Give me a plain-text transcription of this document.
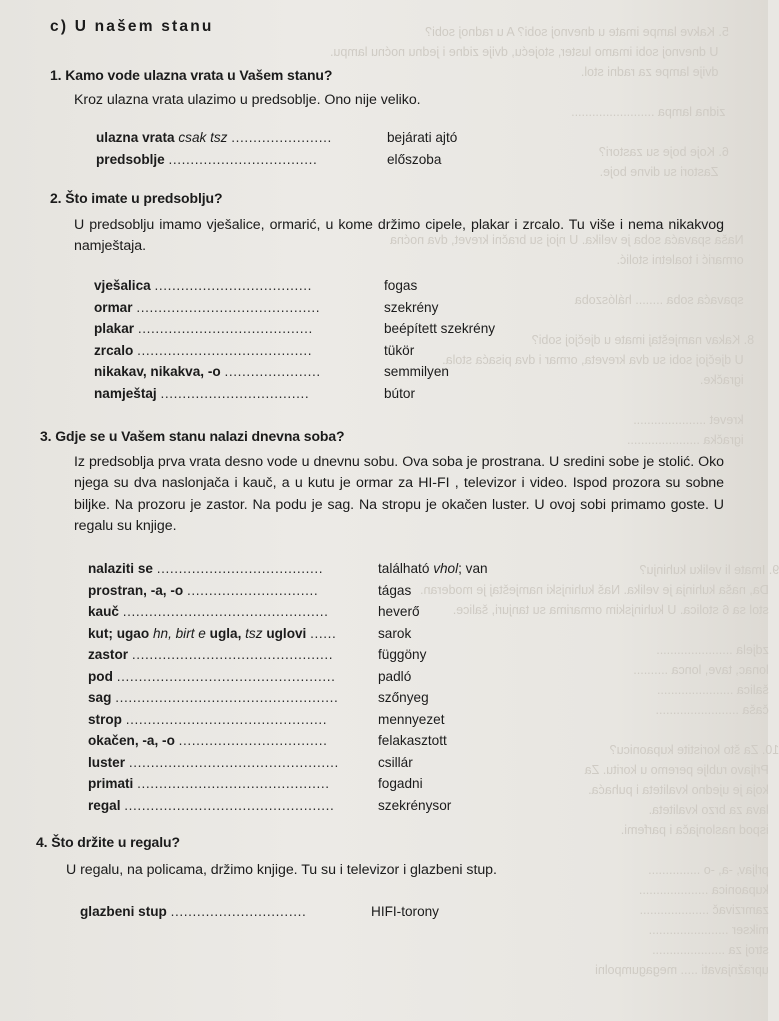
5. Kakve lampe imate u dnevnoj sobi? A u radnoj sobi?
U dnevnoj sobi imamo luster, stojeću, dvije zidne i jednu noćnu lampu.
dvije lampe za radni stol.

zidna lampa ........................

6. Koje boje su zastori?
Zastori su divne boje.
Naša spavaća soba je velika. U njoj su bračni krevet, dva noćna
ormarić i toaletni stolić.

spavaća soba ........ hálószoba

8. Kakav namještaj imate u dječjoj sobi?
U dječjoj sobi su dva kreveta, ormar i dva pisaća stola.
igračke.

krevet .....................
igračka .....................
9. Imate li veliku kuhinju?
Da, naša kuhinja je velika. Naš kuhinjski namještaj je moderan.
stol sa 6 stolica. U kuhinjskim ormarima su tanjuri, šalice.

zdjela ......................
lonac, tave, lonca ..........
šalica ......................
čaša ........................

10. Za što koristite kupaonicu?
Prljavo rublje peremo u koritu. Za
koja je ujedno kvaliteta i puhaća.
lava za brzo kvaliteta.
ispod naslonjača i parfemi.

prljav, -a, -o ...............
kupaonica ....................
zamrzivač ....................
mikser .......................
stroj za .....................
upražnjavati ..... megagumpolni
c) U našem stanu
1. Kamo vode ulazna vrata u Vašem stanu?
Kroz ulazna vrata ulazimo u predsoblje. Ono nije veliko.
ulazna vrata csak tsz .......................	bejárati ajtó
predsoblje ..................................	előszoba
2. Što imate u predsoblju?
U predsoblju imamo vješalice, ormarić, u kome držimo cipele, plakar i zrcalo. Tu više i nema nikakvog namještaja.
vješalica ....................................	fogas
ormar ..........................................	szekrény
plakar ........................................	beépített szekrény
zrcalo ........................................	tükör
nikakav, nikakva, -o ......................	semmilyen
namještaj ..................................	bútor
3. Gdje se u Vašem stanu nalazi dnevna soba?
Iz predsoblja prva vrata desno vode u dnevnu sobu. Ova soba je prostrana. U sredini sobe je stolić. Oko njega su dva naslonjača i kauč, a u kutu je ormar za HI-FI , televizor i video. Ispod prozora su sobne biljke. Na prozoru je zastor. Na podu je sag. Na stropu je okačen luster. U ovoj sobi primamo goste. U regalu su knjige.
nalaziti se ......................................	található vhol; van
prostran, -a, -o ..............................	tágas
kauč ...............................................	heverő
kut; ugao hn, birt e ugla, tsz uglovi ......	sarok
zastor ..............................................	függöny
pod ..................................................	padló
sag ...................................................	szőnyeg
strop ..............................................	mennyezet
okačen, -a, -o ..................................	felakasztott
luster ................................................	csillár
primati ............................................	fogadni
regal ................................................	szekrénysor
4. Što držite u regalu?
U regalu, na policama, držimo knjige. Tu su i televizor i glazbeni stup.
glazbeni stup ...............................	HIFI-torony
